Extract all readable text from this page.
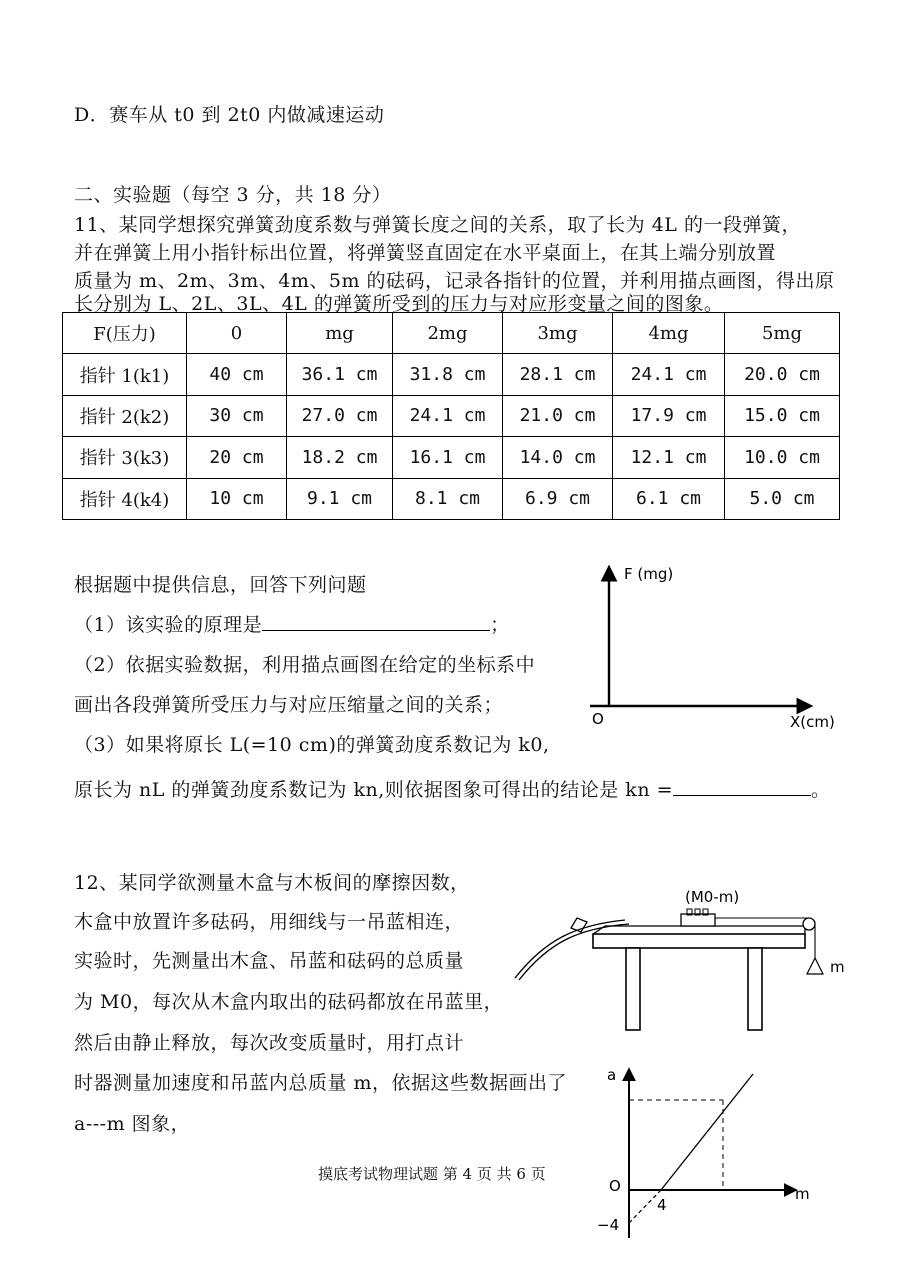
D．赛车从 t0 到 2t0 内做减速运动
二、实验题（每空 3 分，共 18 分）
11、某同学想探究弹簧劲度系数与弹簧长度之间的关系，取了长为 4L 的一段弹簧，
并在弹簧上用小指针标出位置，将弹簧竖直固定在水平桌面上，在其上端分别放置
质量为 m、2m、3m、4m、5m 的砝码，记录各指针的位置，并利用描点画图，得出原
长分别为 L、2L、3L、4L 的弹簧所受到的压力与对应形变量之间的图象。
F(压力)	0	mg	2mg	3mg	4mg	5mg
指针 1(k1)	40 cm	36.1 cm	31.8 cm	28.1 cm	24.1 cm	20.0 cm
指针 2(k2)	30 cm	27.0 cm	24.1 cm	21.0 cm	17.9 cm	15.0 cm
指针 3(k3)	20 cm	18.2 cm	16.1 cm	14.0 cm	12.1 cm	10.0 cm
指针 4(k4)	10 cm	9.1 cm	8.1 cm	6.9 cm	6.1 cm	5.0 cm
根据题中提供信息，回答下列问题
（1）该实验的原理是	；
（2）依据实验数据，利用描点画图在给定的坐标系中
画出各段弹簧所受压力与对应压缩量之间的关系；
（3）如果将原长 L(=10 cm)的弹簧劲度系数记为 k0,
原长为 nL 的弹簧劲度系数记为 kn,则依据图象可得出的结论是 kn =	。
F (mg)
X(cm)
O
12、某同学欲测量木盒与木板间的摩擦因数，
木盒中放置许多砝码，用细线与一吊蓝相连，
实验时，先测量出木盒、吊蓝和砝码的总质量
为 M0，每次从木盒内取出的砝码都放在吊蓝里，
然后由静止释放，每次改变质量时，用打点计
时器测量加速度和吊蓝内总质量 m，依据这些数据画出了
a---m 图象，
(M0-m)
m
a
m
O
4
−4
摸底考试物理试题 第 4 页 共 6 页
